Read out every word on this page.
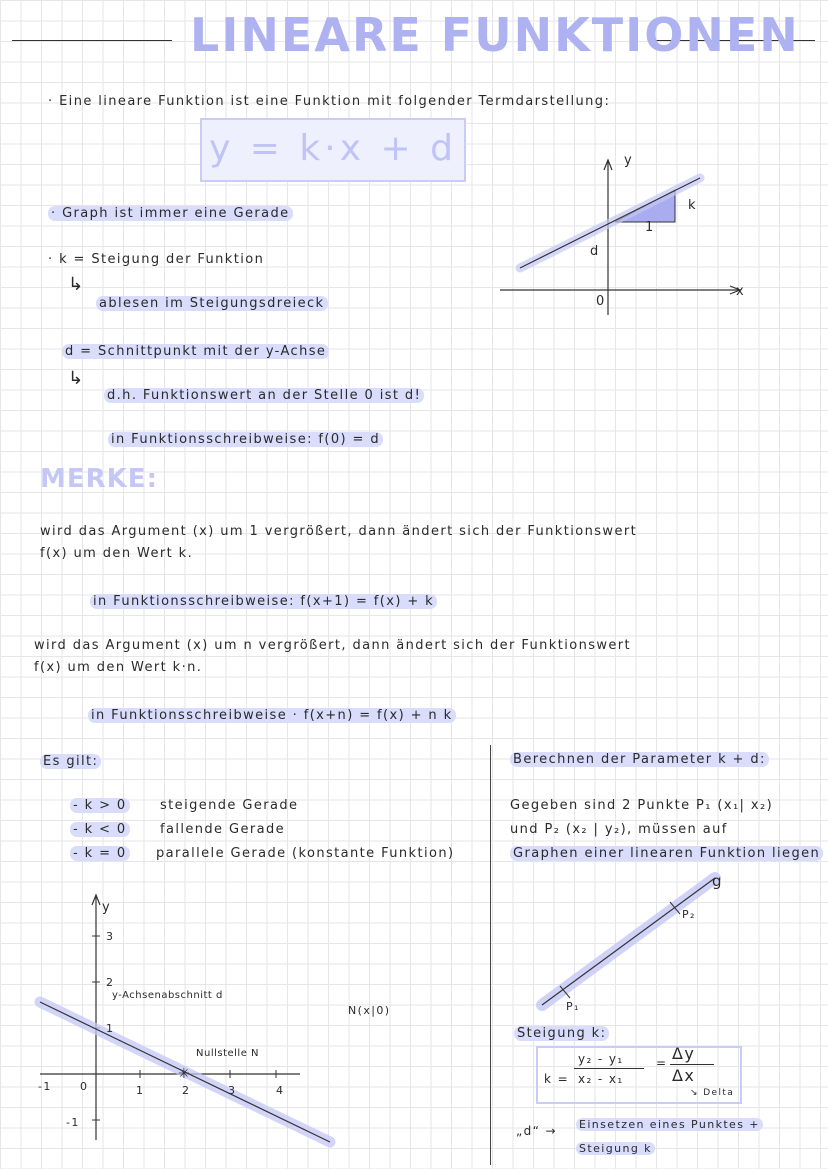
LINEARE FUNKTIONEN
· Eine lineare Funktion ist eine Funktion mit folgender Termdarstellung:
y = k·x + d
· Graph ist immer eine Gerade
· k = Steigung der Funktion
↳
ablesen im Steigungsdreieck
d = Schnittpunkt mit der y-Achse
↳
d.h. Funktionswert an der Stelle 0 ist d!
in Funktionsschreibweise: f(0) = d
y
x
k
1
d
0
MERKE:
wird das Argument (x) um 1 vergrößert, dann ändert sich der Funktionswert
f(x) um den Wert k.
in Funktionsschreibweise: f(x+1) = f(x) + k
wird das Argument (x) um n vergrößert, dann ändert sich der Funktionswert
f(x) um den Wert k·n.
in Funktionsschreibweise · f(x+n) = f(x) + n k
Es gilt:
- k > 0	steigende Gerade
- k < 0	fallende Gerade
- k = 0 parallele Gerade (konstante Funktion)
✳
y
3
2
1
0
-1
-1
1	2	3	4
y-Achsenabschnitt d
Nullstelle N
N(x|0)
Berechnen der Parameter k + d:
Gegeben sind 2 Punkte P₁ (x₁| x₂)
und P₂ (x₂ | y₂), müssen auf
Graphen einer linearen Funktion liegen
g
P₂
P₁
Steigung k:
k =
y₂ - y₁
x₂ - x₁
= Δy
Δx
↘ Delta
„d“ → Einsetzen eines Punktes +
Steigung k
